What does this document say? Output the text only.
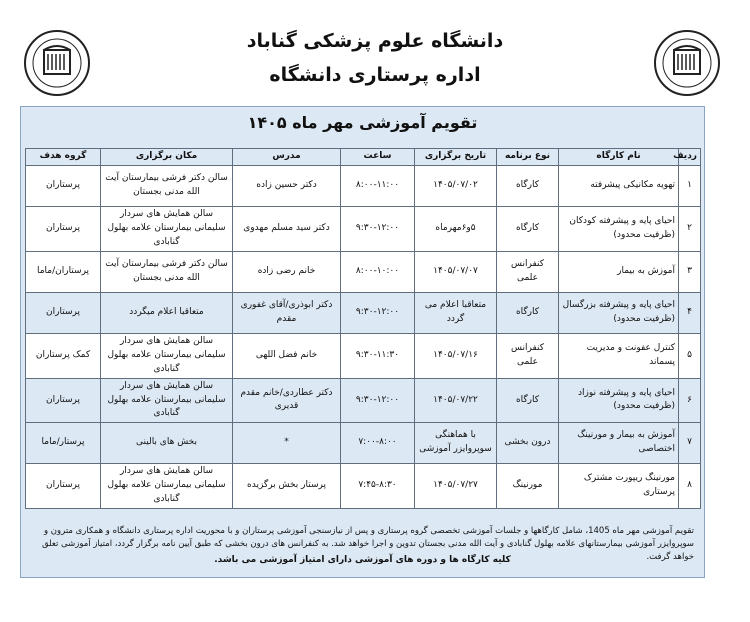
دانشگاه علوم پزشکی گناباد
اداره پرستاری دانشگاه
تقویم آموزشی مهر ماه ۱۴۰۵
ردیف	نام کارگاه	نوع برنامه	تاریخ برگزاری	ساعت	مدرس	مکان برگزاری	گروه هدف
۱	تهویه مکانیکی پیشرفته	کارگاه	۱۴۰۵/۰۷/۰۲	۸:۰۰-۱۱:۰۰	دکتر حسین زاده	سالن دکتر فرشی بیمارستان آیت الله مدنی بجستان	پرستاران
۲	احیای پایه و پیشرفته کودکان (ظرفیت محدود)	کارگاه	۵و۶مهرماه	۹:۳۰-۱۲:۰۰	دکتر سید مسلم مهدوی	سالن همایش های سردار سلیمانی بیمارستان علامه بهلول گنابادی	پرستاران
۳	آموزش به بیمار	کنفرانس علمی	۱۴۰۵/۰۷/۰۷	۸:۰۰-۱۰:۰۰	خانم رضی زاده	سالن دکتر فرشی بیمارستان آیت الله مدنی بجستان	پرستاران/ماما
۴	احیای پایه و پیشرفته بزرگسال (ظرفیت محدود)	کارگاه	متعاقبا اعلام می گردد	۹:۳۰-۱۲:۰۰	دکتر ابوذری/آقای غفوری مقدم	متعاقبا اعلام میگردد	پرستاران
۵	کنترل عفونت و مدیریت پسماند	کنفرانس علمی	۱۴۰۵/۰۷/۱۶	۹:۳۰-۱۱:۳۰	خانم فضل اللهی	سالن همایش های سردار سلیمانی بیمارستان علامه بهلول گنابادی	کمک پرستاران
۶	احیای پایه و پیشرفته نوزاد (ظرفیت محدود)	کارگاه	۱۴۰۵/۰۷/۲۲	۹:۳۰-۱۲:۰۰	دکتر عطاردی/خانم مقدم قدیری	سالن همایش های سردار سلیمانی بیمارستان علامه بهلول گنابادی	پرستاران
۷	آموزش به بیمار و مورنینگ اختصاصی	درون بخشی	با هماهنگی سوپروایزر آموزشی	۷:۰۰-۸:۰۰	*	بخش های بالینی	پرستار/ماما
۸	مورنینگ ریپورت مشترک پرستاری	مورنینگ	۱۴۰۵/۰۷/۲۷	۷:۴۵-۸:۳۰	پرستار بخش برگزیده	سالن همایش های سردار سلیمانی بیمارستان علامه بهلول گنابادی	پرستاران
تقویم آموزشی مهر ماه 1405، شامل کارگاهها و جلسات آموزشی تخصصی گروه پرستاری و پس از نیازسنجی آموزشی پرستاران و با محوریت اداره پرستاری دانشگاه و همکاری مترون و سوپروایزر آموزشی بیمارستانهای علامه بهلول گنابادی و آیت الله مدنی بجستان تدوین و اجرا خواهد شد. به کنفرانس های درون بخشی که طبق آیین نامه برگزار گردد، امتیاز آموزشی تعلق خواهد گرفت.
کلیه کارگاه ها و دوره های آموزشی دارای امتیاز آموزشی می باشد.
